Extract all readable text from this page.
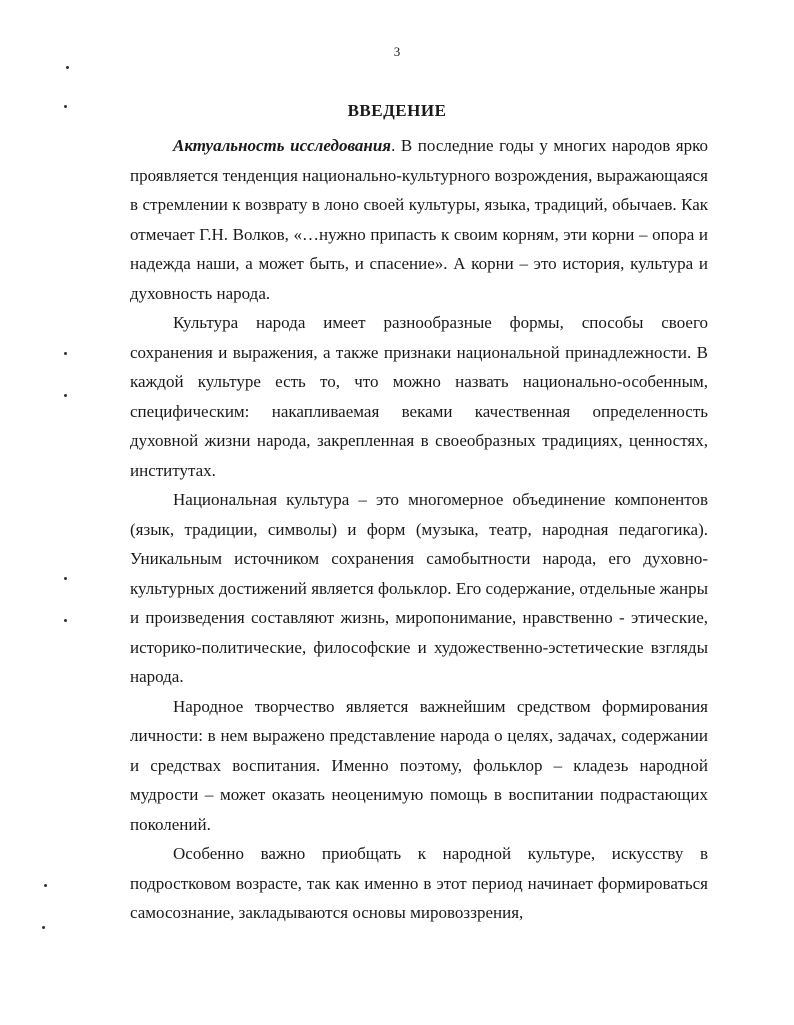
3
ВВЕДЕНИЕ

Актуальность исследования. В последние годы у многих народов ярко проявляется тенденция национально-культурного возрождения, выражающаяся в стремлении к возврату в лоно своей культуры, языка, традиций, обычаев. Как отмечает Г.Н. Волков, «…нужно припасть к своим корням, эти корни – опора и надежда наши, а может быть, и спасение». А корни – это история, культура и духовность народа.

Культура народа имеет разнообразные формы, способы своего сохранения и выражения, а также признаки национальной принадлежности. В каждой культуре есть то, что можно назвать национально-особенным, специфическим: накапливаемая веками качественная определенность духовной жизни народа, закрепленная в своеобразных традициях, ценностях, институтах.

Национальная культура – это многомерное объединение компонентов (язык, традиции, символы) и форм (музыка, театр, народная педагогика). Уникальным источником сохранения самобытности народа, его духовно-культурных достижений является фольклор. Его содержание, отдельные жанры и произведения составляют жизнь, миропонимание, нравственно - этические, историко-политические, философские и художественно-эстетические взгляды народа.

Народное творчество является важнейшим средством формирования личности: в нем выражено представление народа о целях, задачах, содержании и средствах воспитания. Именно поэтому, фольклор – кладезь народной мудрости – может оказать неоценимую помощь в воспитании подрастающих поколений.

Особенно важно приобщать к народной культуре, искусству в подростковом возрасте, так как именно в этот период начинает формироваться самосознание, закладываются основы мировоззрения,
